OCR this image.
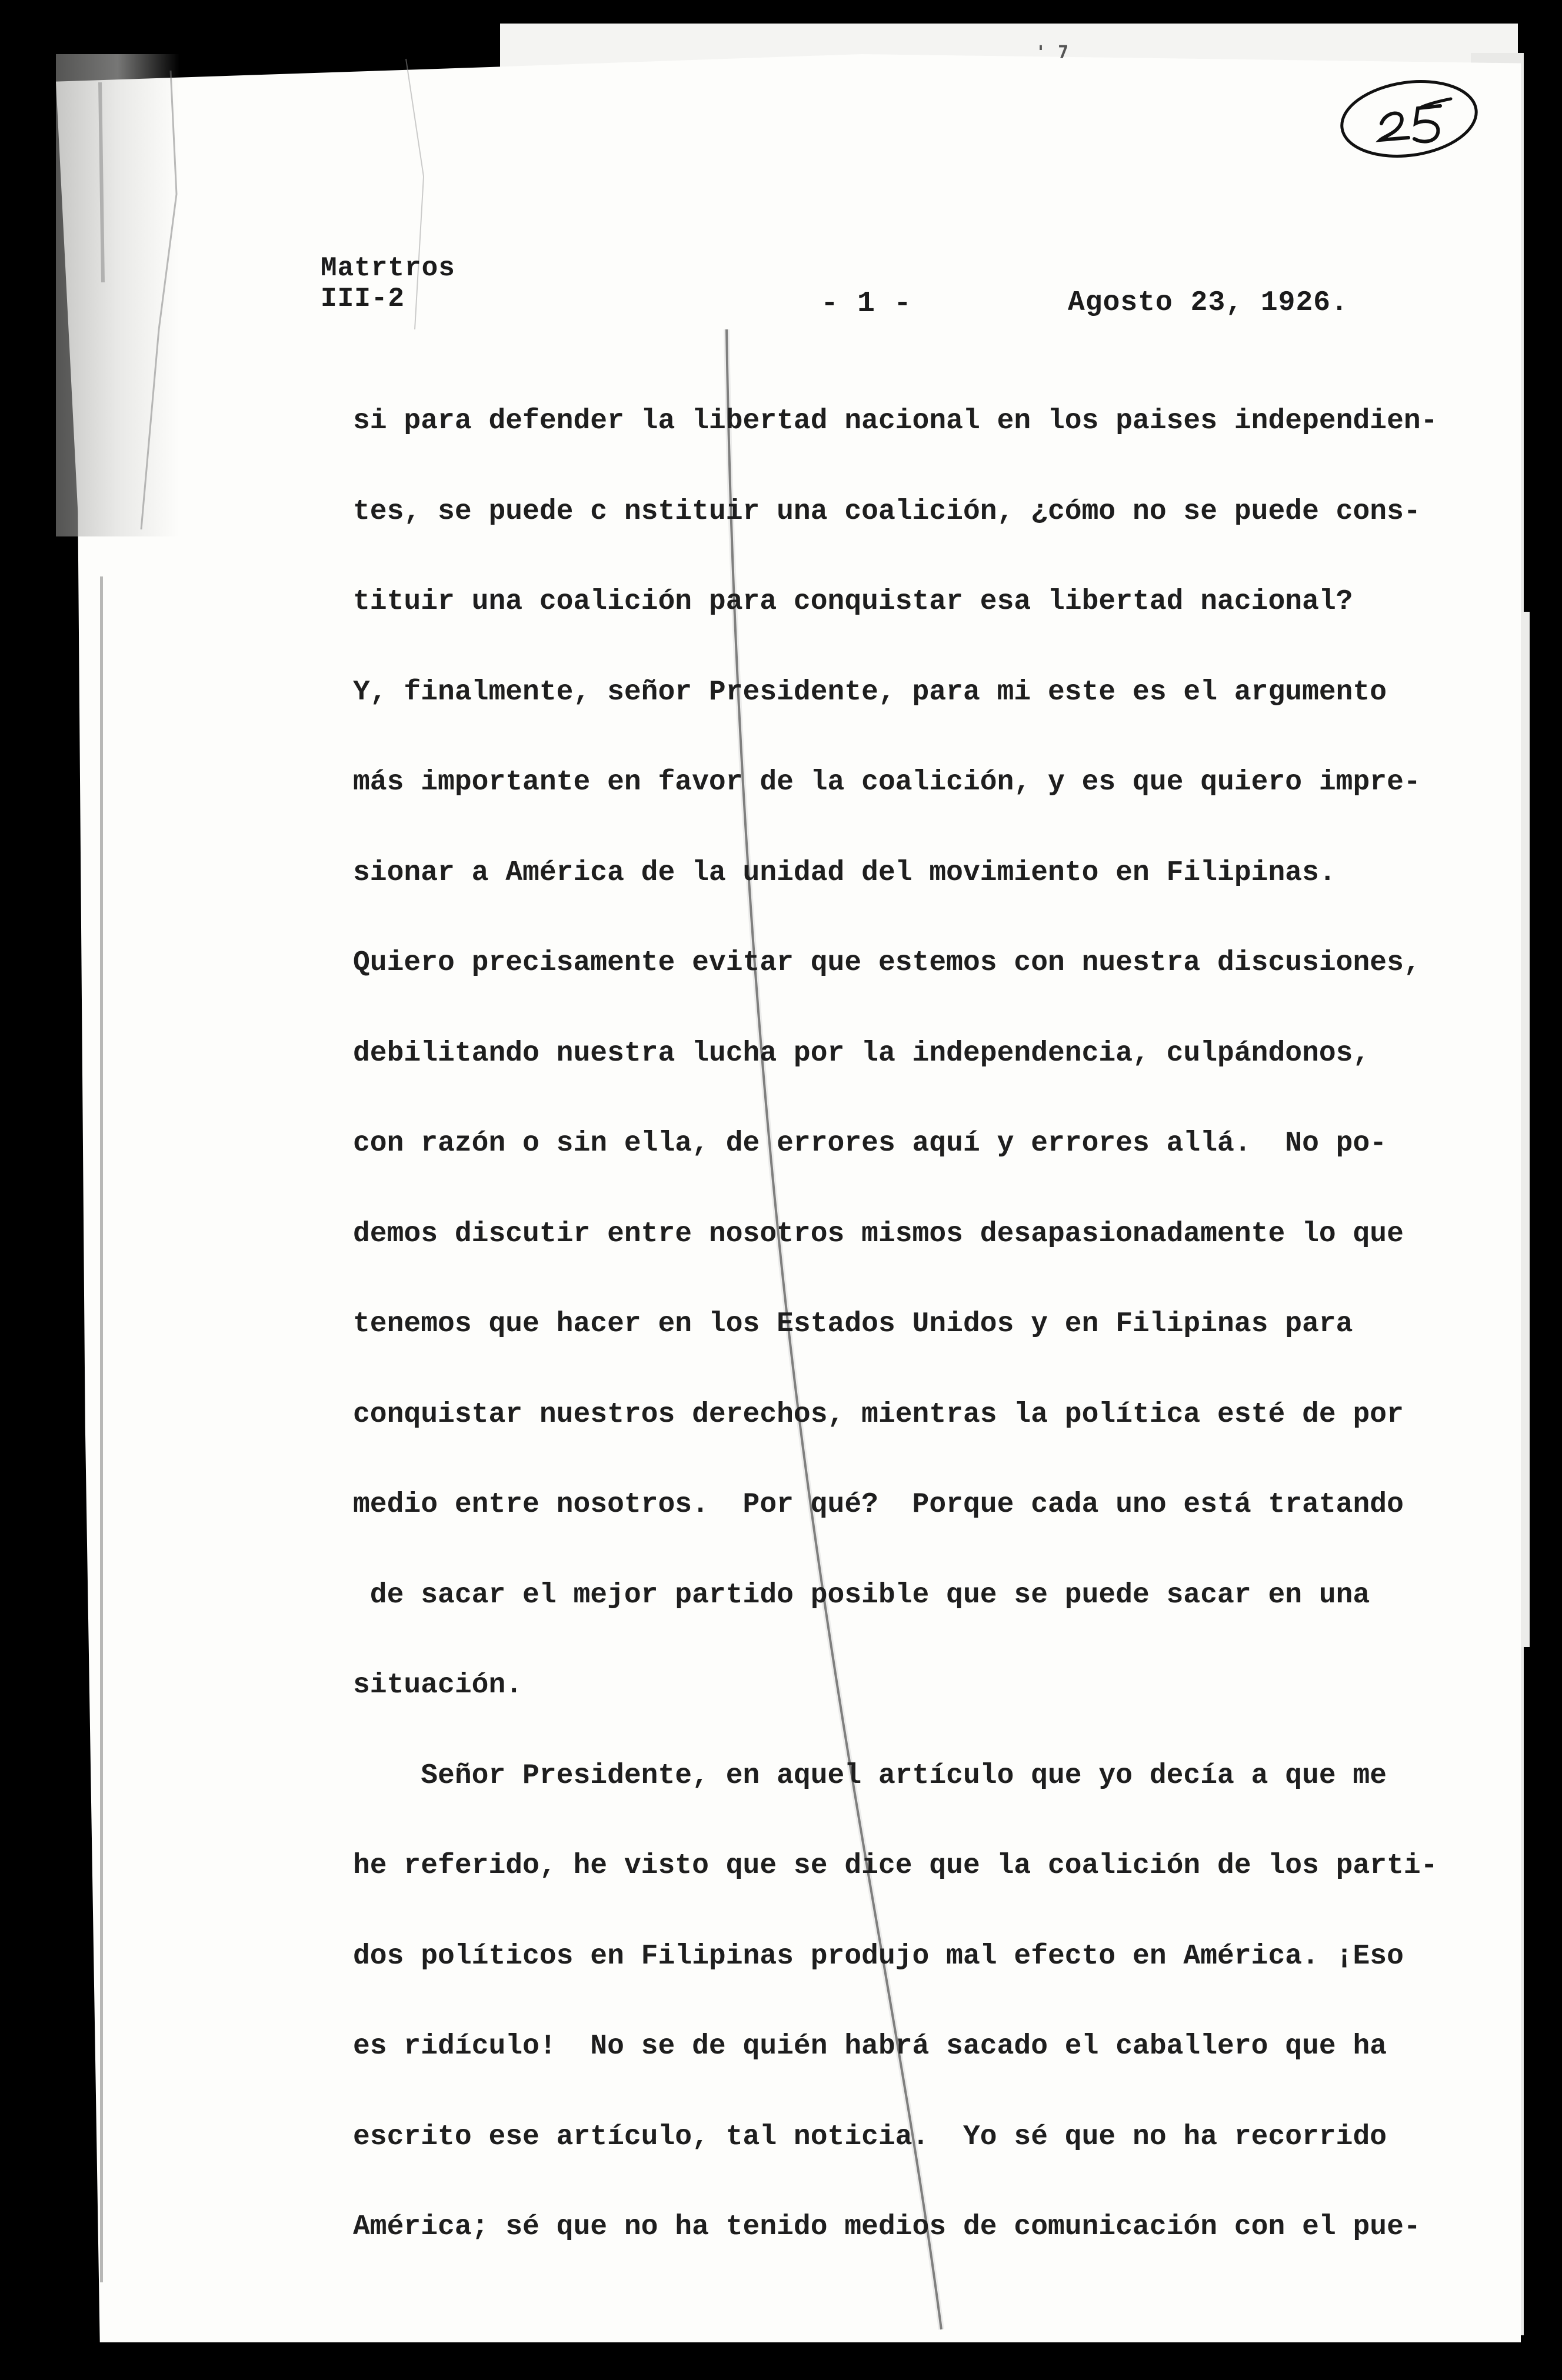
' 7
Matrtros
III-2	- 1 -	Agosto 23, 1926.
si para defender la libertad nacional en los paises independien-
tes, se puede c nstituir una coalición, ¿cómo no se puede cons-
tituir una coalición para conquistar esa libertad nacional?
Y, finalmente, señor Presidente, para mi este es el argumento
más importante en favor de la coalición, y es que quiero impre-
sionar a América de la unidad del movimiento en Filipinas.
Quiero precisamente evitar que estemos con nuestra discusiones,
debilitando nuestra lucha por la independencia, culpándonos,
con razón o sin ella, de errores aquí y errores allá.  No po-
demos discutir entre nosotros mismos desapasionadamente lo que
tenemos que hacer en los Estados Unidos y en Filipinas para
conquistar nuestros derechos, mientras la política esté de por
medio entre nosotros.  Por qué?  Porque cada uno está tratando
de sacar el mejor partido posible que se puede sacar en una
situación.
Señor Presidente, en aquel artículo que yo decía a que me
he referido, he visto que se dice que la coalición de los parti-
dos políticos en Filipinas produjo mal efecto en América. ¡Eso
es ridículo!  No se de quién habrá sacado el caballero que ha
escrito ese artículo, tal noticia.  Yo sé que no ha recorrido
América; sé que no ha tenido medios de comunicación con el pue-
